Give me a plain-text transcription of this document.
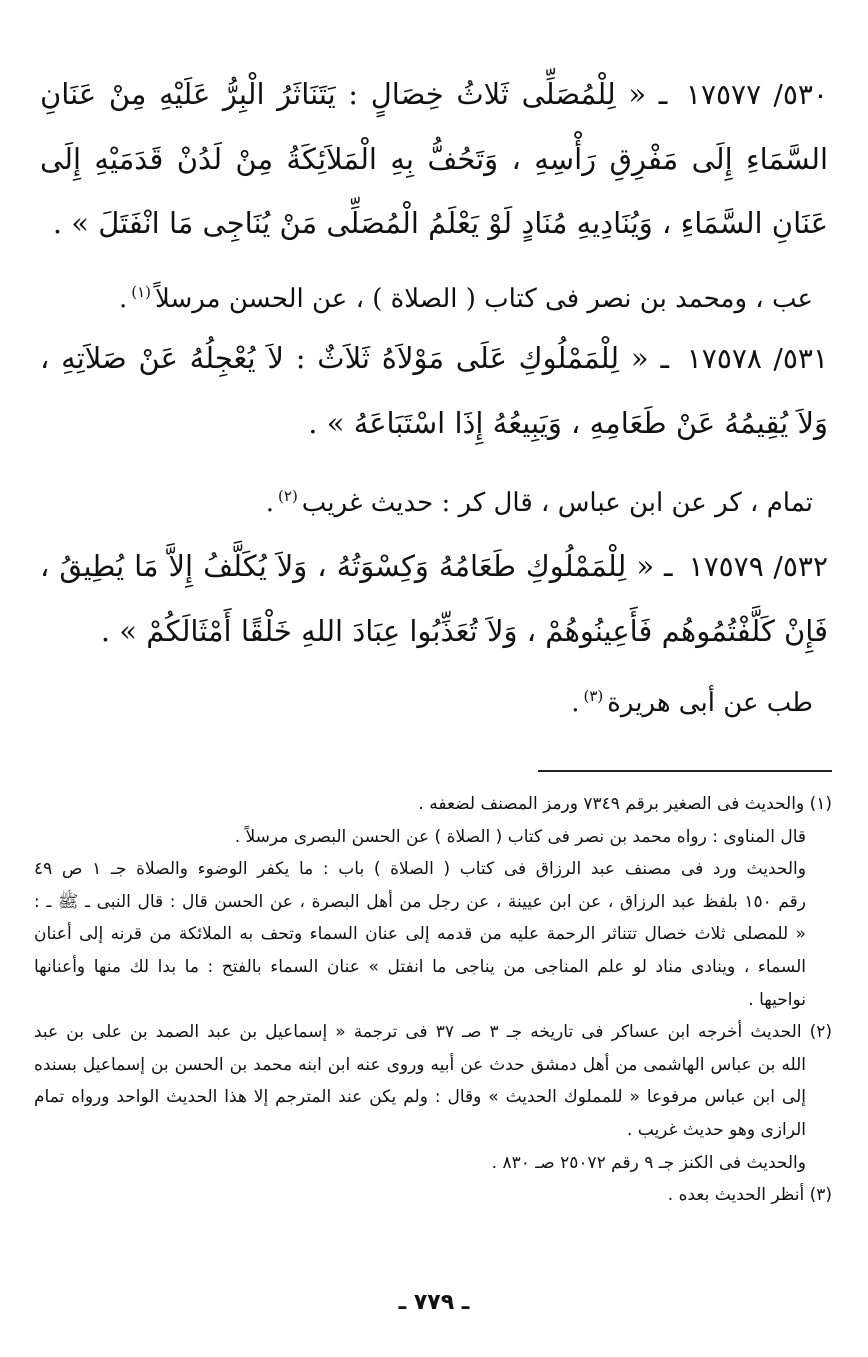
٥٣٠/ ١٧٥٧٧ ـ « لِلْمُصَلِّى ثَلاثُ خِصَالٍ : يَتَنَاثَرُ الْبِرُّ عَلَيْهِ مِنْ عَنَانِ السَّمَاءِ إِلَى مَفْرِقِ رَأْسِهِ ، وَتَحُفُّ بِهِ الْمَلاَئِكَةُ مِنْ لَدُنْ قَدَمَيْهِ إِلَى عَنَانِ السَّمَاءِ ، وَيُنَادِيهِ مُنَادٍ لَوْ يَعْلَمُ الْمُصَلِّى مَنْ يُنَاجِى مَا انْفَتَلَ » .
عب ، ومحمد بن نصر فى كتاب ( الصلاة ) ، عن الحسن مرسلاً$^{(١)}$.
٥٣١/ ١٧٥٧٨ ـ « لِلْمَمْلُوكِ عَلَى مَوْلاَهُ ثَلاَثٌ : لاَ يُعْجِلُهُ عَنْ صَلاَتِهِ ، وَلاَ يُقِيمُهُ عَنْ طَعَامِهِ ، وَيَبِيعُهُ إِذَا اسْتَبَاعَهُ » .
تمام ، كر عن ابن عباس ، قال كر : حديث غريب$^{(٢)}$.
٥٣٢/ ١٧٥٧٩ ـ « لِلْمَمْلُوكِ طَعَامُهُ وَكِسْوَتُهُ ، وَلاَ يُكَلَّفُ إِلاَّ مَا يُطِيقُ ، فَإِنْ كَلَّفْتُمُوهُم فَأَعِينُوهُمْ ، وَلاَ تُعَذِّبُوا عِبَادَ اللهِ خَلْقًا أَمْثَالَكُمْ » .
طب عن أبى هريرة$^{(٣)}$.
(١) والحديث فى الصغير برقم ٧٣٤٩ ورمز المصنف لضعفه .
قال المناوى : رواه محمد بن نصر فى كتاب ( الصلاة ) عن الحسن البصرى مرسلاً .
والحديث ورد فى مصنف عبد الرزاق فى كتاب ( الصلاة ) باب : ما يكفر الوضوء والصلاة جـ ١ ص ٤٩
رقم ١٥٠ بلفظ عبد الرزاق ، عن ابن عيينة ، عن رجل من أهل البصرة ، عن الحسن قال : قال النبى ـ ﷺ ـ :
« للمصلى ثلاث خصال تتناثر الرحمة عليه من قدمه إلى عنان السماء وتحف به الملائكة من قرنه إلى أعنان
السماء ، وينادى مناد لو علم المناجى من يناجى ما انفتل » عنان السماء بالفتح : ما بدا لك منها وأعنانها
نواحيها .
(٢) الحديث أخرجه ابن عساكر فى تاريخه جـ ٣ صـ ٣٧ فى ترجمة « إسماعيل بن عبد الصمد بن على بن عبد
الله بن عباس الهاشمى من أهل دمشق حدث عن أبيه وروى عنه ابن ابنه محمد بن الحسن بن إسماعيل بسنده
إلى ابن عباس مرفوعا « للمملوك الحديث » وقال : ولم يكن عند المترجم إلا هذا الحديث الواحد ورواه تمام
الرازى وهو حديث غريب .
والحديث فى الكنز جـ ٩ رقم ٢٥٠٧٢ صـ ٨٣٠ .
(٣) أنظر الحديث بعده .
ـ ٧٧٩ ـ
